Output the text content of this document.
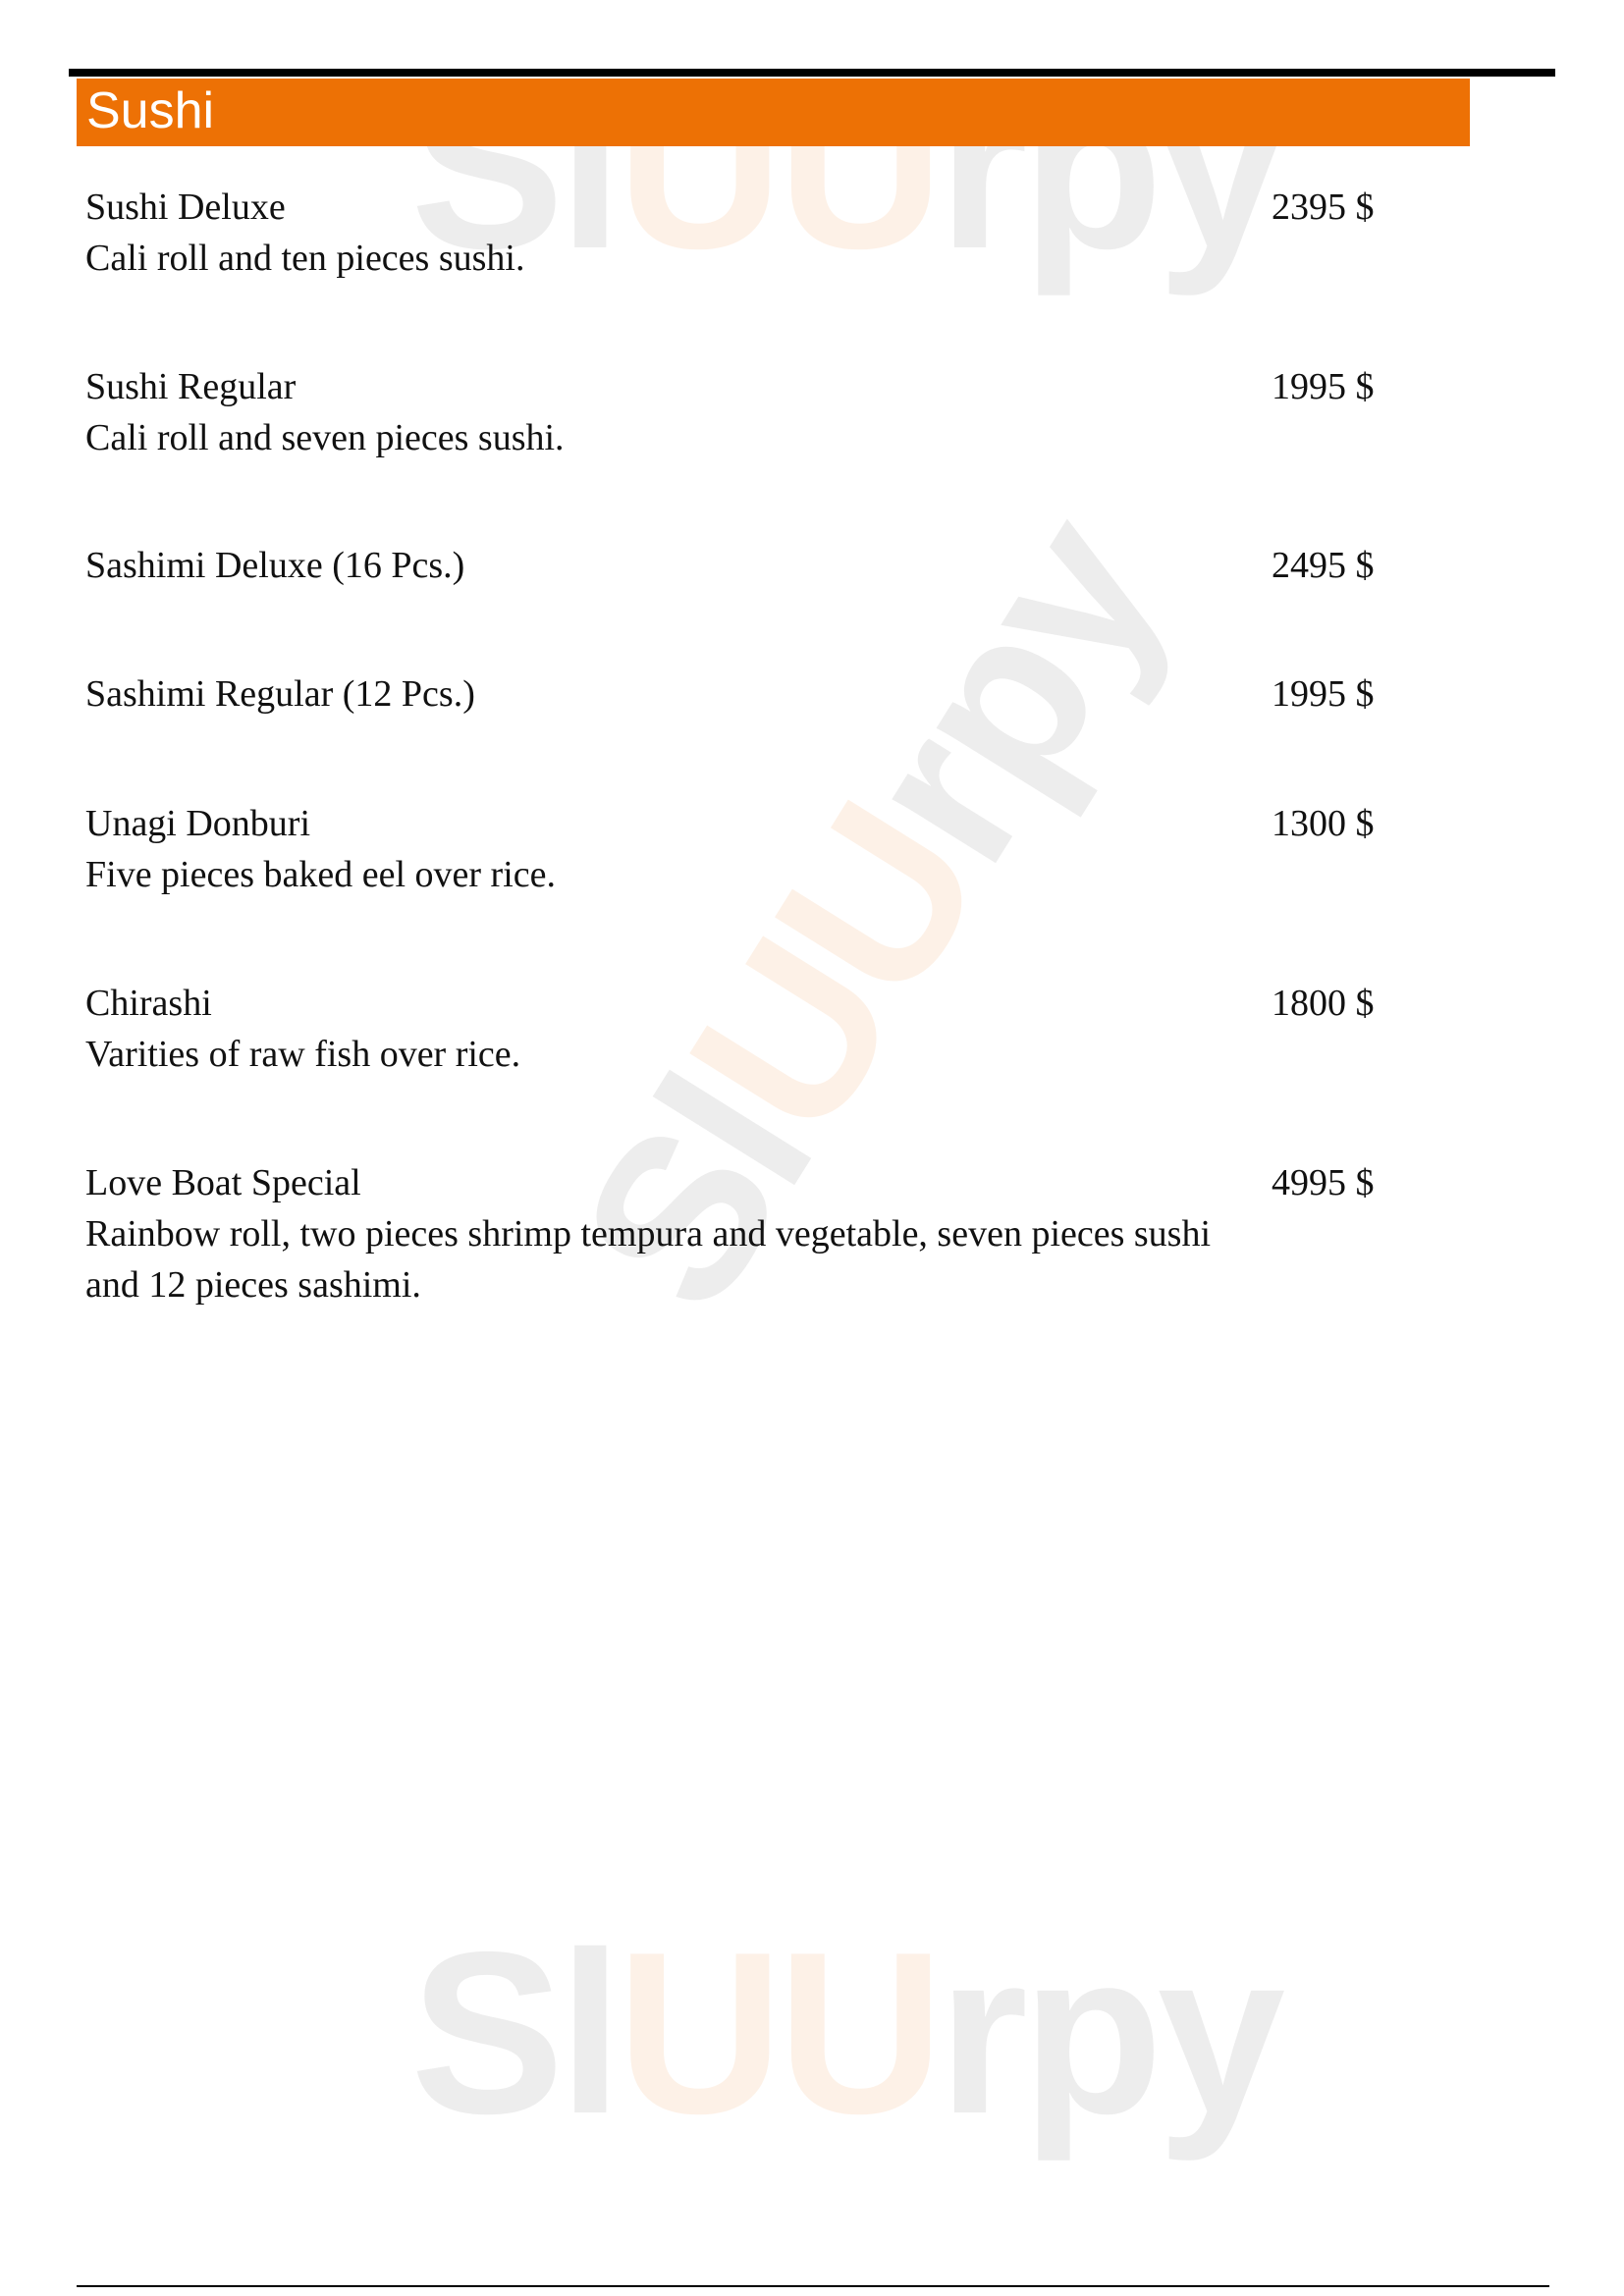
SlUUrpy
SlUUrpy
SlUUrpy
Sushi
Sushi Deluxe
Cali roll and ten pieces sushi.
2395 $
Sushi Regular
Cali roll and seven pieces sushi.
1995 $
Sashimi Deluxe (16 Pcs.)	2495 $
Sashimi Regular (12 Pcs.)	1995 $
Unagi Donburi
Five pieces baked eel over rice.
1300 $
Chirashi
Varities of raw fish over rice.
1800 $
Love Boat Special
Rainbow roll, two pieces shrimp tempura and vegetable, seven pieces sushi and 12 pieces sashimi.
4995 $
